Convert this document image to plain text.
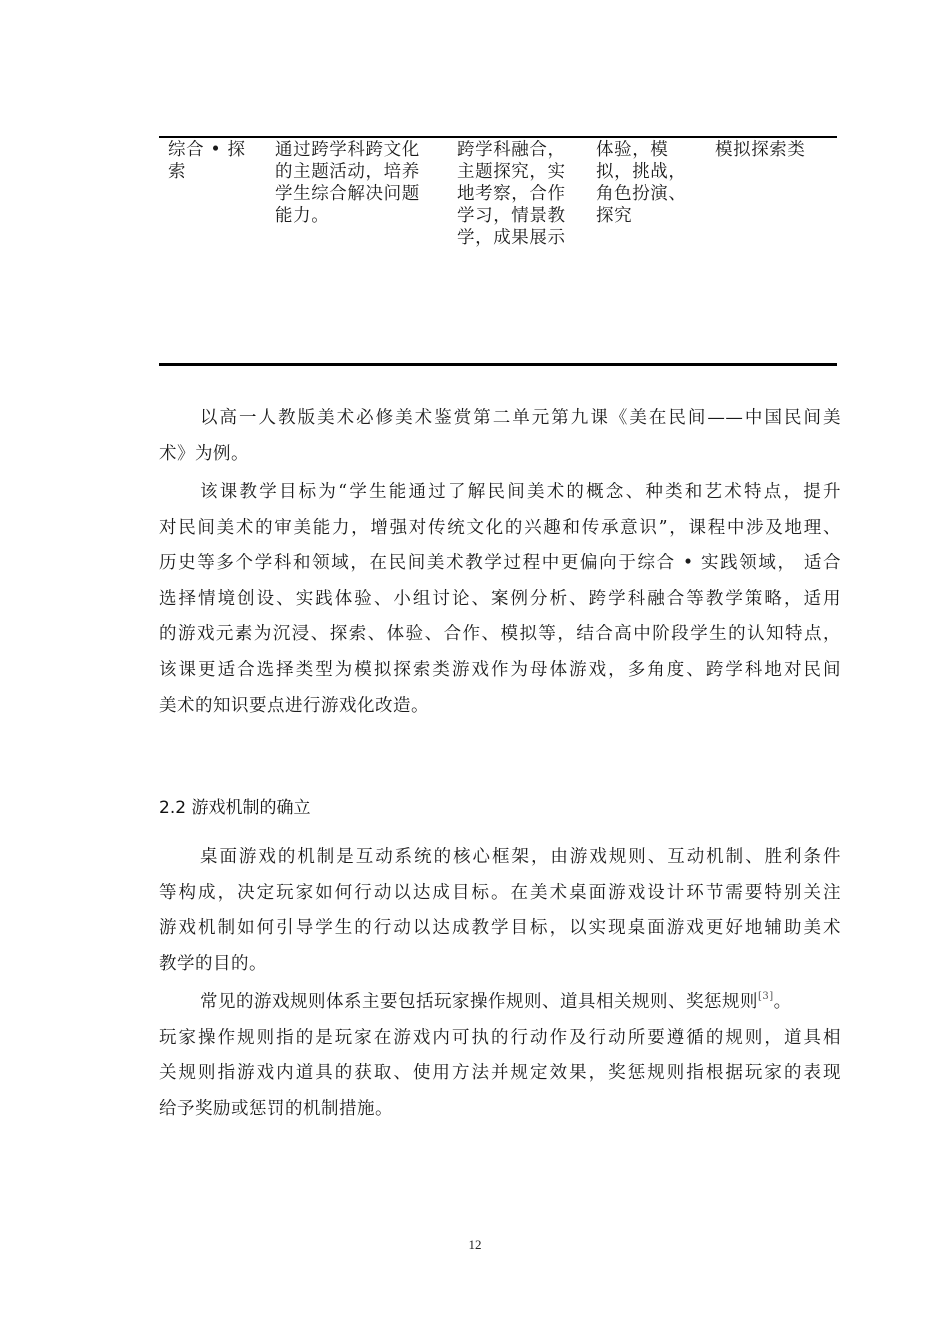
综合 • 探
索
通过跨学科跨文化
的主题活动，培养
学生综合解决问题
能力。
跨学科融合，
主题探究，实
地考察，合作
学习，情景教
学，成果展示
体验，模
拟，挑战，
角色扮演、
探究
模拟探索类
以高一人教版美术必修美术鉴赏第二单元第九课《美在民间——中国民间美
术》为例。
该课教学目标为“学生能通过了解民间美术的概念、种类和艺术特点，提升
对民间美术的审美能力，增强对传统文化的兴趣和传承意识”，课程中涉及地理、
历史等多个学科和领域，在民间美术教学过程中更偏向于综合 • 实践领域， 适合
选择情境创设、实践体验、小组讨论、案例分析、跨学科融合等教学策略，适用
的游戏元素为沉浸、探索、体验、合作、模拟等，结合高中阶段学生的认知特点，
该课更适合选择类型为模拟探索类游戏作为母体游戏，多角度、跨学科地对民间
美术的知识要点进行游戏化改造。
2.2 游戏机制的确立
桌面游戏的机制是互动系统的核心框架，由游戏规则、互动机制、胜利条件
等构成，决定玩家如何行动以达成目标。在美术桌面游戏设计环节需要特别关注
游戏机制如何引导学生的行动以达成教学目标，以实现桌面游戏更好地辅助美术
教学的目的。
常见的游戏规则体系主要包括玩家操作规则、道具相关规则、奖惩规则[3]。
玩家操作规则指的是玩家在游戏内可执的行动作及行动所要遵循的规则，道具相
关规则指游戏内道具的获取、使用方法并规定效果，奖惩规则指根据玩家的表现
给予奖励或惩罚的机制措施。
12
